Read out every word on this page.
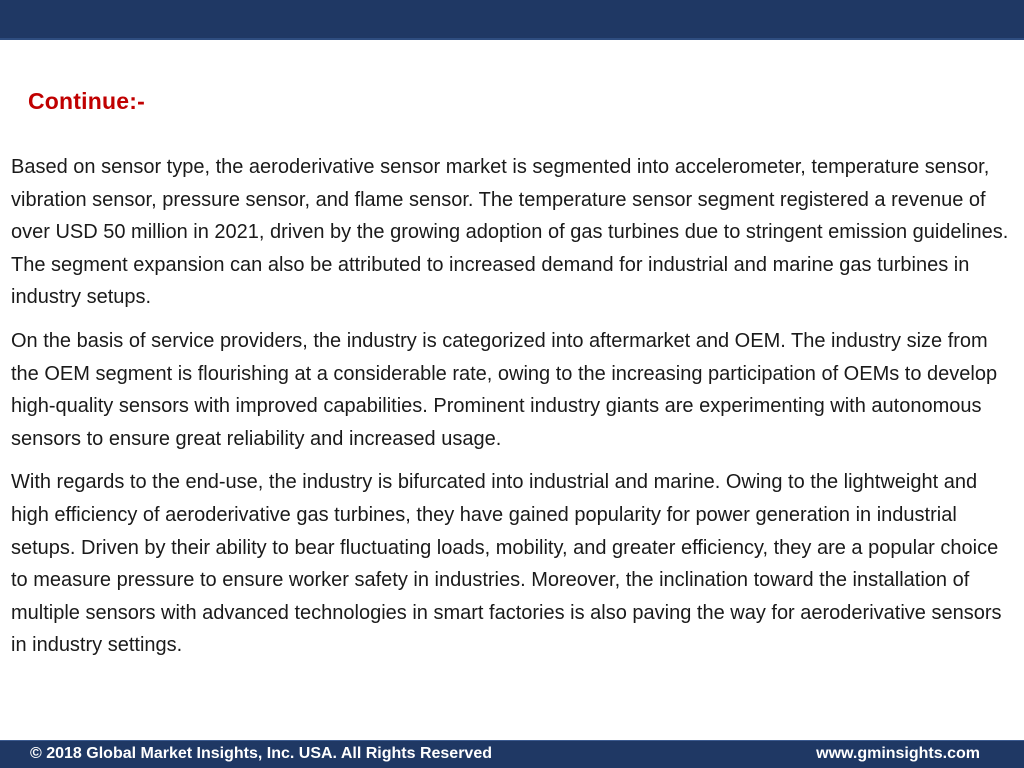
Continue:-

Based on sensor type, the aeroderivative sensor market is segmented into accelerometer, temperature sensor, vibration sensor, pressure sensor, and flame sensor. The temperature sensor segment registered a revenue of over USD 50 million in 2021, driven by the growing adoption of gas turbines due to stringent emission guidelines. The segment expansion can also be attributed to increased demand for industrial and marine gas turbines in industry setups.

On the basis of service providers, the industry is categorized into aftermarket and OEM. The industry size from the OEM segment is flourishing at a considerable rate, owing to the increasing participation of OEMs to develop high-quality sensors with improved capabilities. Prominent industry giants are experimenting with autonomous sensors to ensure great reliability and increased usage.

With regards to the end-use, the industry is bifurcated into industrial and marine. Owing to the lightweight and high efficiency of aeroderivative gas turbines, they have gained popularity for power generation in industrial setups. Driven by their ability to bear fluctuating loads, mobility, and greater efficiency, they are a popular choice to measure pressure to ensure worker safety in industries. Moreover, the inclination toward the installation of multiple sensors with advanced technologies in smart factories is also paving the way for aeroderivative sensors in industry settings.

© 2018 Global Market Insights, Inc. USA. All Rights Reserved	www.gminsights.com
